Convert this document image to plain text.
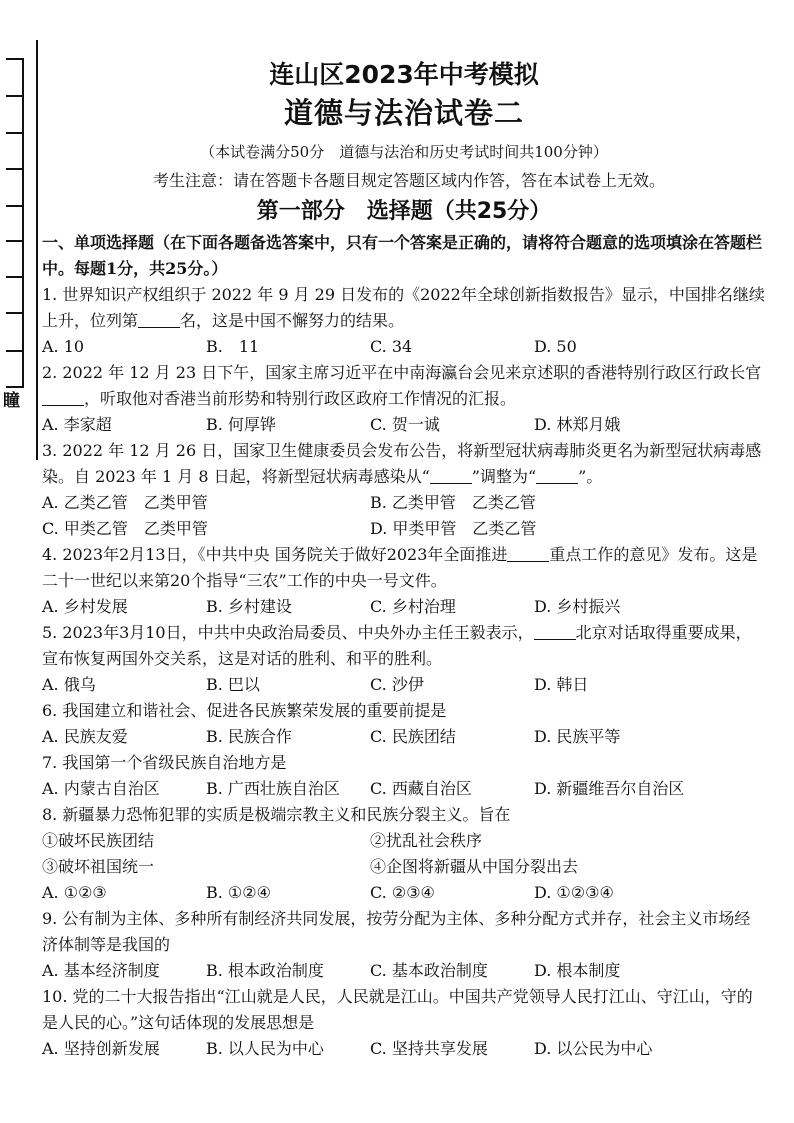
瞳
连山区2023年中考模拟
道德与法治试卷二
（本试卷满分50分　道德与法治和历史考试时间共100分钟）
考生注意：请在答题卡各题目规定答题区域内作答，答在本试卷上无效。
第一部分　选择题（共25分）

一、单项选择题（在下面各题备选答案中，只有一个答案是正确的，请将符合题意的选项填涂在答题栏中。每题1分，共25分。）

1. 世界知识产权组织于 2022 年 9 月 29 日发布的《2022年全球创新指数报告》显示，中国排名继续上升，位列第	名，这是中国不懈努力的结果。

A. 10	B.　11	C. 34	D. 50

2. 2022 年 12 月 23 日下午，国家主席习近平在中南海瀛台会见来京述职的香港特别行政区行政长官，听取他对香港当前形势和特别行政区政府工作情况的汇报。

A. 李家超	B. 何厚铧	C. 贺一诚	D. 林郑月娥

3. 2022 年 12 月 26 日，国家卫生健康委员会发布公告，将新型冠状病毒肺炎更名为新型冠状病毒感染。自 2023 年 1 月 8 日起，将新型冠状病毒感染从“	”调整为“	”。

A. 乙类乙管　乙类甲管	B. 乙类甲管　乙类乙管
C. 甲类乙管　乙类甲管	D. 甲类甲管　乙类乙管

4. 2023年2月13日，《中共中央 国务院关于做好2023年全面推进	重点工作的意见》发布。这是二十一世纪以来第20个指导“三农”工作的中央一号文件。

A. 乡村发展	B. 乡村建设	C. 乡村治理	D. 乡村振兴

5. 2023年3月10日，中共中央政治局委员、中央外办主任王毅表示，	北京对话取得重要成果，宣布恢复两国外交关系，这是对话的胜利、和平的胜利。

A. 俄乌	B. 巴以	C. 沙伊	D. 韩日

6. 我国建立和谐社会、促进各民族繁荣发展的重要前提是

A. 民族友爱	B. 民族合作	C. 民族团结	D. 民族平等

7. 我国第一个省级民族自治地方是

A. 内蒙古自治区	B. 广西壮族自治区	C. 西藏自治区	D. 新疆维吾尔自治区

8. 新疆暴力恐怖犯罪的实质是极端宗教主义和民族分裂主义。旨在

①破坏民族团结	②扰乱社会秩序
③破坏祖国统一	④企图将新疆从中国分裂出去
A. ①②③	B. ①②④	C. ②③④	D. ①②③④

9. 公有制为主体、多种所有制经济共同发展，按劳分配为主体、多种分配方式并存，社会主义市场经济体制等是我国的

A. 基本经济制度	B. 根本政治制度	C. 基本政治制度	D. 根本制度

10. 党的二十大报告指出“江山就是人民，人民就是江山。中国共产党领导人民打江山、守江山，守的是人民的心。”这句话体现的发展思想是

A. 坚持创新发展	B. 以人民为中心	C. 坚持共享发展	D. 以公民为中心
